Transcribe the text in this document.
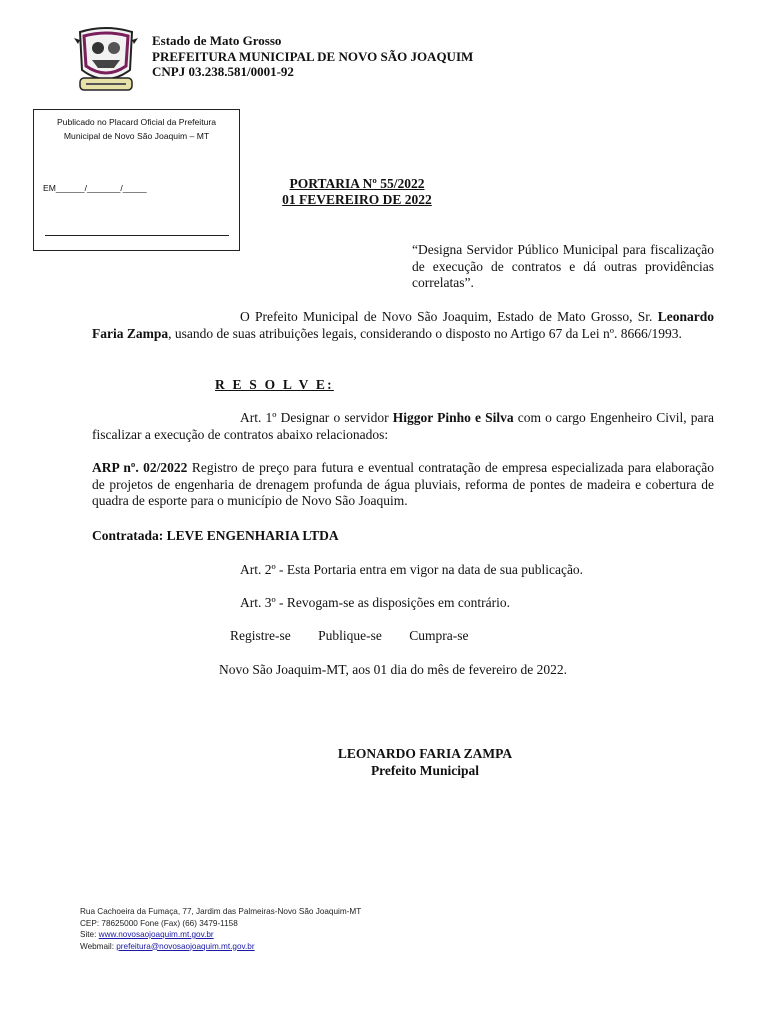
Estado de Mato Grosso
PREFEITURA MUNICIPAL DE NOVO SÃO JOAQUIM
CNPJ 03.238.581/0001-92
Publicado no Placard Oficial da Prefeitura Municipal de Novo São Joaquim – MT
EM______/_______/_____	PORTARIA Nº 55/2022
01 FEVEREIRO DE 2022
“Designa Servidor Público Municipal para fiscalização de execução de contratos e dá outras providências correlatas”.
O Prefeito Municipal de Novo São Joaquim, Estado de Mato Grosso, Sr. Leonardo Faria Zampa, usando de suas atribuições legais, considerando o disposto no Artigo 67 da Lei nº. 8666/1993.
R E S O L V E:
Art. 1º Designar o servidor Higgor Pinho e Silva com o cargo Engenheiro Civil, para fiscalizar a execução de contratos abaixo relacionados:
ARP nº. 02/2022 Registro de preço para futura e eventual contratação de empresa especializada para elaboração de projetos de engenharia de drenagem profunda de água pluviais, reforma de pontes de madeira e cobertura de quadra de esporte para o município de Novo São Joaquim.
Contratada: LEVE ENGENHARIA LTDA
Art. 2º - Esta Portaria entra em vigor na data de sua publicação.
Art. 3º - Revogam-se as disposições em contrário.
Registre-se Publique-se Cumpra-se
Novo São Joaquim-MT, aos 01 dia do mês de fevereiro de 2022.
LEONARDO FARIA ZAMPA
Prefeito Municipal
Rua Cachoeira da Fumaça, 77, Jardim das Palmeiras-Novo São Joaquim-MT
CEP: 78625000 Fone (Fax) (66) 3479-1158
Site: www.novosaojoaquim.mt.gov.br
Webmail: prefeitura@novosaojoaquim.mt.gov.br
